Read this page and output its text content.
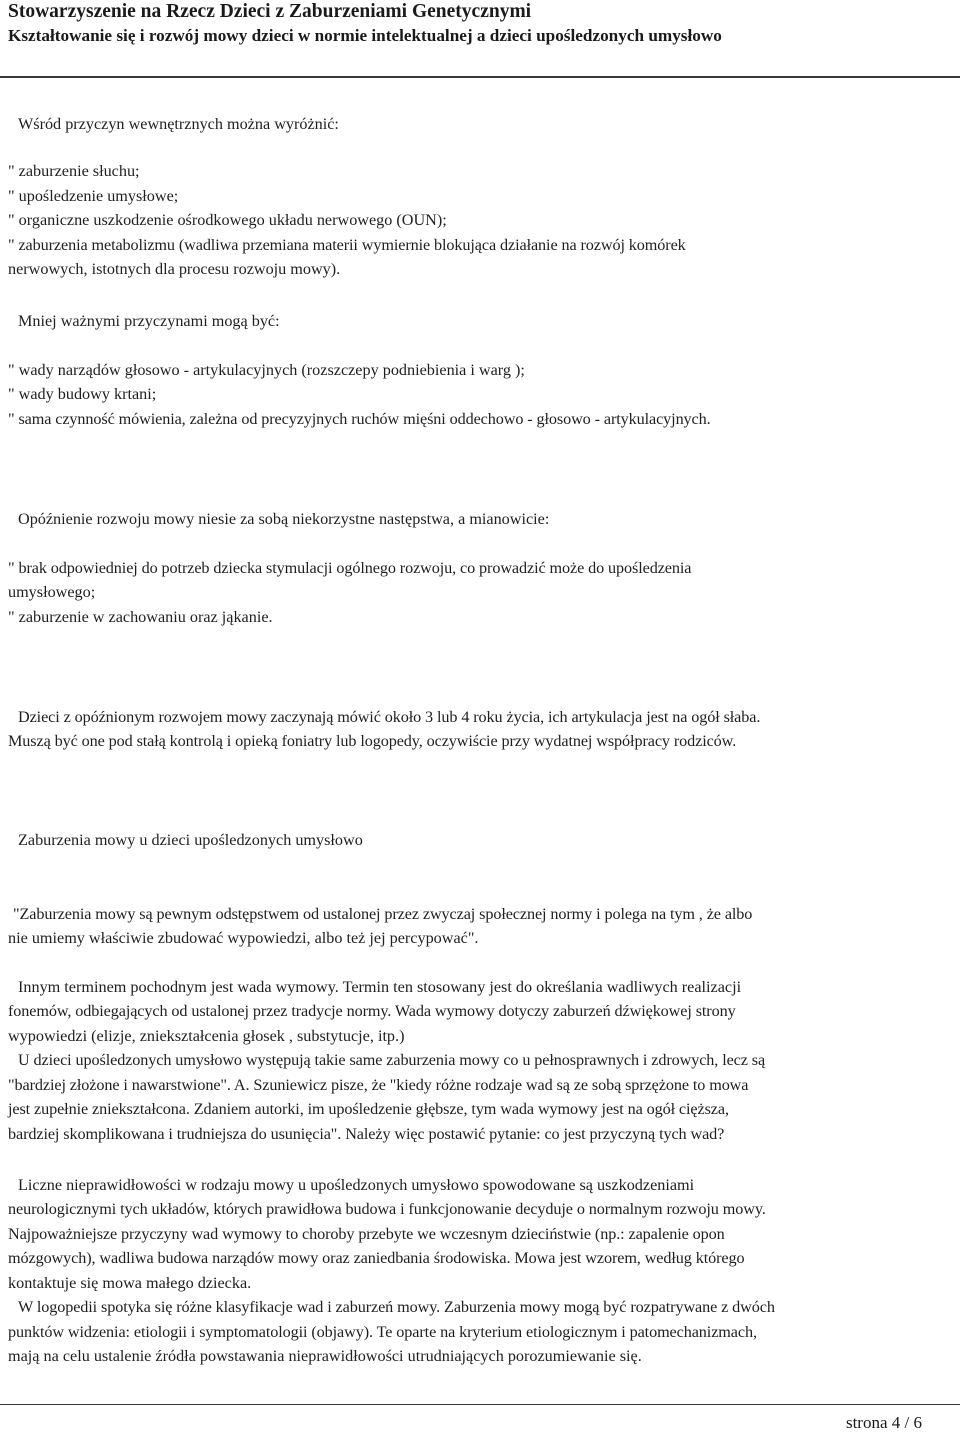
Stowarzyszenie na Rzecz Dzieci z Zaburzeniami Genetycznymi
Kształtowanie się i rozwój mowy dzieci w normie intelektualnej a dzieci upośledzonych umysłowo
Wśród przyczyn wewnętrznych można wyróżnić:
" zaburzenie słuchu;
" upośledzenie umysłowe;
" organiczne uszkodzenie ośrodkowego układu nerwowego (OUN);
" zaburzenia metabolizmu (wadliwa przemiana materii wymiernie blokująca działanie na rozwój komórek
nerwowych, istotnych dla procesu rozwoju mowy).
Mniej ważnymi przyczynami mogą być:
" wady narządów głosowo - artykulacyjnych (rozszczepy podniebienia i warg );
" wady budowy krtani;
" sama czynność mówienia, zależna od precyzyjnych ruchów mięśni oddechowo - głosowo - artykulacyjnych.
Opóźnienie rozwoju mowy niesie za sobą niekorzystne następstwa, a mianowicie:
" brak odpowiedniej do potrzeb dziecka stymulacji ogólnego rozwoju, co prowadzić może do upośledzenia
umysłowego;
" zaburzenie w zachowaniu oraz jąkanie.
Dzieci z opóźnionym rozwojem mowy zaczynają mówić około 3 lub 4 roku życia, ich artykulacja jest na ogół słaba.
Muszą być one pod stałą kontrolą i opieką foniatry lub logopedy, oczywiście przy wydatnej współpracy rodziców.
Zaburzenia mowy u dzieci upośledzonych umysłowo
"Zaburzenia mowy są pewnym odstępstwem od ustalonej przez zwyczaj społecznej normy i polega na tym , że albo
nie umiemy właściwie zbudować wypowiedzi, albo też jej percypować".
Innym terminem pochodnym jest wada wymowy. Termin ten stosowany jest do określania wadliwych realizacji
fonemów, odbiegających od ustalonej przez tradycje normy. Wada wymowy dotyczy zaburzeń dźwiękowej strony
wypowiedzi (elizje, zniekształcenia głosek , substytucje, itp.)
U dzieci upośledzonych umysłowo występują takie same zaburzenia mowy co u pełnosprawnych i zdrowych, lecz są
"bardziej złożone i nawarstwione". A. Szuniewicz pisze, że "kiedy różne rodzaje wad są ze sobą sprzężone to mowa
jest zupełnie zniekształcona. Zdaniem autorki, im upośledzenie głębsze, tym wada wymowy jest na ogół cięższa,
bardziej skomplikowana i trudniejsza do usunięcia". Należy więc postawić pytanie: co jest przyczyną tych wad?
Liczne nieprawidłowości w rodzaju mowy u upośledzonych umysłowo spowodowane są uszkodzeniami
neurologicznymi tych układów, których prawidłowa budowa i funkcjonowanie decyduje o normalnym rozwoju mowy.
Najpoważniejsze przyczyny wad wymowy to choroby przebyte we wczesnym dzieciństwie (np.: zapalenie opon
mózgowych), wadliwa budowa narządów mowy oraz zaniedbania środowiska. Mowa jest wzorem, według którego
kontaktuje się mowa małego dziecka.
W logopedii spotyka się różne klasyfikacje wad i zaburzeń mowy. Zaburzenia mowy mogą być rozpatrywane z dwóch
punktów widzenia: etiologii i symptomatologii (objawy). Te oparte na kryterium etiologicznym i patomechanizmach,
mają na celu ustalenie źródła powstawania nieprawidłowości utrudniających porozumiewanie się.
strona 4 / 6
